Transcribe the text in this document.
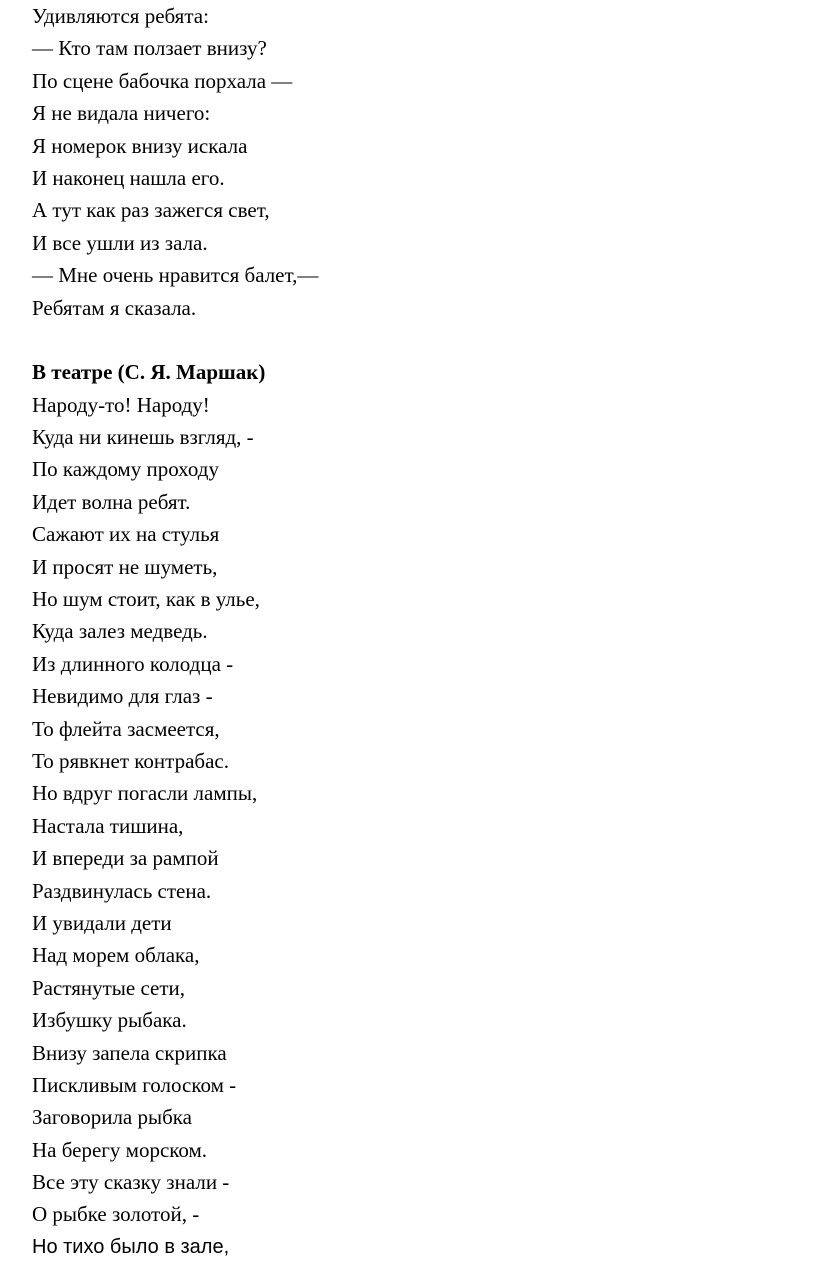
Удивляются ребята:
— Кто там ползает внизу?
По сцене бабочка порхала —
Я не видала ничего:
Я номерок внизу искала
И наконец нашла его.
А тут как раз зажегся свет,
И все ушли из зала.
— Мне очень нравится балет,—
Ребятам я сказала.
В театре (С. Я. Маршак)
Народу-то! Народу!
Куда ни кинешь взгляд, -
По каждому проходу
Идет волна ребят.
Сажают их на стулья
И просят не шуметь,
Но шум стоит, как в улье,
Куда залез медведь.
Из длинного колодца -
Невидимо для глаз -
То флейта засмеется,
То рявкнет контрабас.
Но вдруг погасли лампы,
Настала тишина,
И впереди за рампой
Раздвинулась стена.
И увидали дети
Над морем облака,
Растянутые сети,
Избушку рыбака.
Внизу запела скрипка
Пискливым голоском -
Заговорила рыбка
На берегу морском.
Все эту сказку знали -
О рыбке золотой, -
Но тихо было в зале,
